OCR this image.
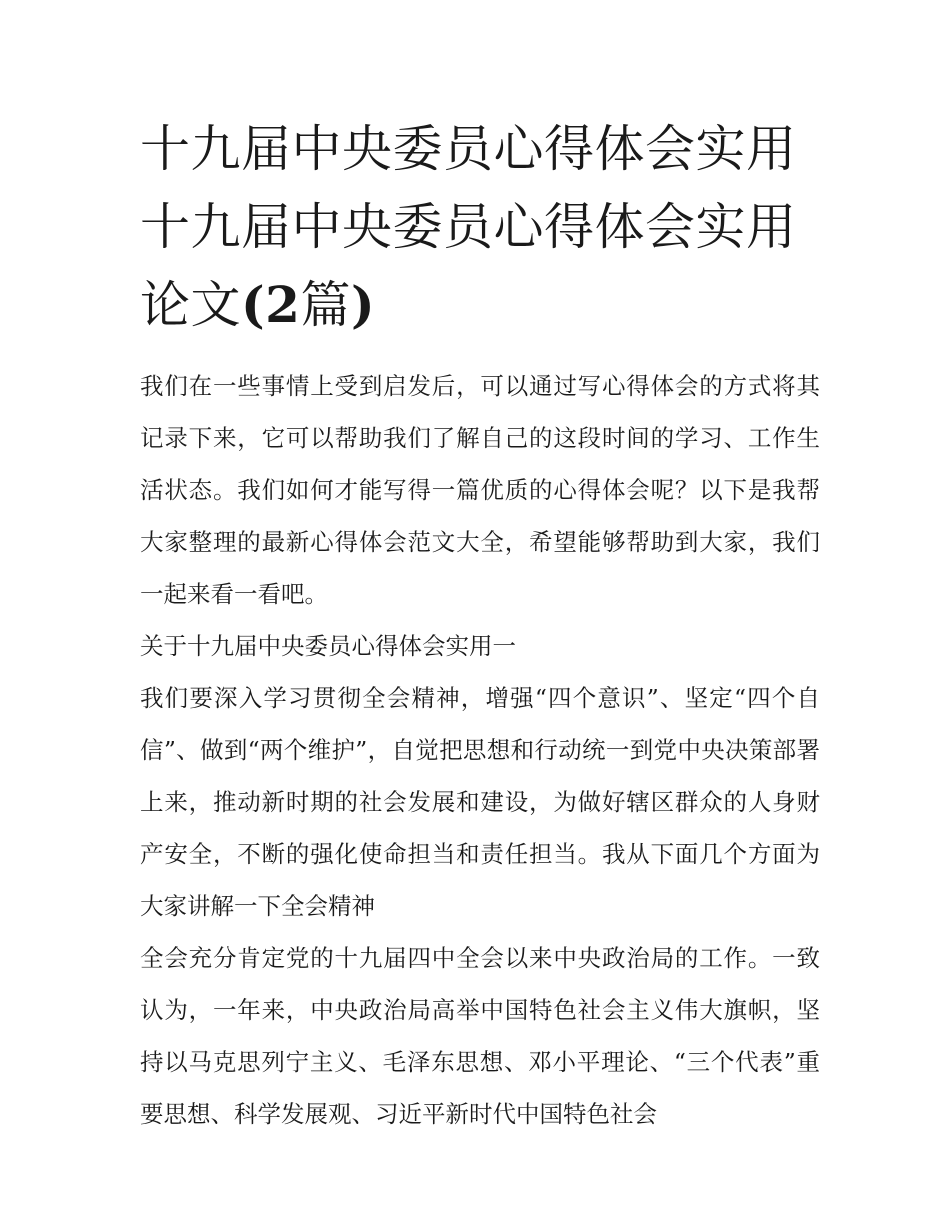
十九届中央委员心得体会实用
十九届中央委员心得体会实用
论文(2篇)

我们在一些事情上受到启发后，可以通过写心得体会的方式将其记录下来，它可以帮助我们了解自己的这段时间的学习、工作生活状态。我们如何才能写得一篇优质的心得体会呢？以下是我帮大家整理的最新心得体会范文大全，希望能够帮助到大家，我们一起来看一看吧。

关于十九届中央委员心得体会实用一

我们要深入学习贯彻全会精神，增强“四个意识”、坚定“四个自信”、做到“两个维护”，自觉把思想和行动统一到党中央决策部署上来，推动新时期的社会发展和建设，为做好辖区群众的人身财产安全，不断的强化使命担当和责任担当。我从下面几个方面为大家讲解一下全会精神

全会充分肯定党的十九届四中全会以来中央政治局的工作。一致认为，一年来，中央政治局高举中国特色社会主义伟大旗帜，坚持以马克思列宁主义、毛泽东思想、邓小平理论、“三个代表”重要思想、科学发展观、习近平新时代中国特色社会
